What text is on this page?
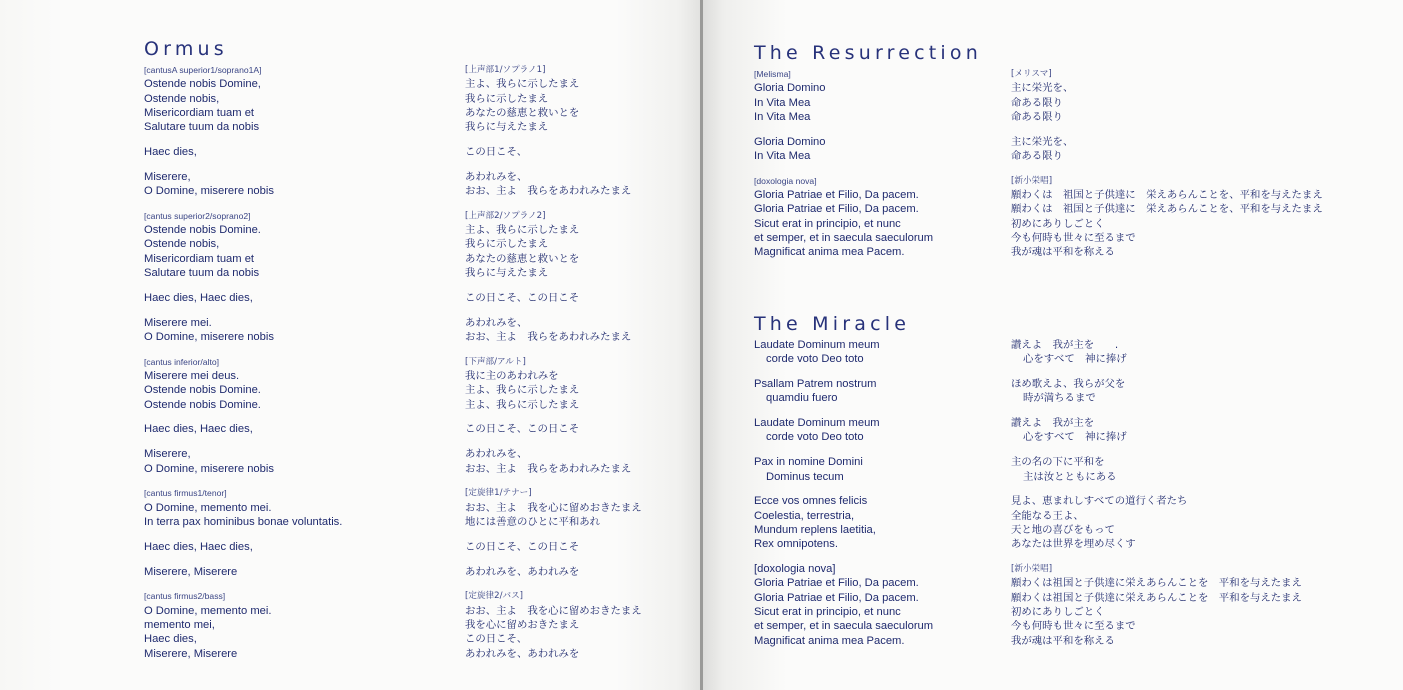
Ormus
[cantusA superior1/soprano1A]
Ostende nobis Domine,
Ostende nobis,
Misericordiam tuam et
Salutare tuum da nobis
Haec dies,
Miserere,
O Domine, miserere nobis
[cantus superior2/soprano2]
Ostende nobis Domine.
Ostende nobis,
Misericordiam tuam et
Salutare tuum da nobis
Haec dies, Haec dies,
Miserere mei.
O Domine, miserere nobis
[cantus inferior/alto]
Miserere mei deus.
Ostende nobis Domine.
Ostende nobis Domine.
Haec dies, Haec dies,
Miserere,
O Domine, miserere nobis
[cantus firmus1/tenor]
O Domine, memento mei.
In terra pax hominibus bonae voluntatis.
Haec dies, Haec dies,
Miserere, Miserere
[cantus firmus2/bass]
O Domine, memento mei.
memento mei,
Haec dies,
Miserere, Miserere
[上声部1/ソプラノ1]
主よ、我らに示したまえ
我らに示したまえ
あなたの慈恵と救いとを
我らに与えたまえ
この日こそ、
あわれみを、
おお、主よ　我らをあわれみたまえ
[上声部2/ソプラノ2]
主よ、我らに示したまえ
我らに示したまえ
あなたの慈恵と救いとを
我らに与えたまえ
この日こそ、この日こそ
あわれみを、
おお、主よ　我らをあわれみたまえ
[下声部/アルト]
我に主のあわれみを
主よ、我らに示したまえ
主よ、我らに示したまえ
この日こそ、この日こそ
あわれみを、
おお、主よ　我らをあわれみたまえ
[定旋律1/テナー]
おお、主よ　我を心に留めおきたまえ
地には善意のひとに平和あれ
この日こそ、この日こそ
あわれみを、あわれみを
[定旋律2/バス]
おお、主よ　我を心に留めおきたまえ
我を心に留めおきたまえ
この日こそ、
あわれみを、あわれみを
The Resurrection
[Melisma]
Gloria Domino
In Vita Mea
In Vita Mea
Gloria Domino
In Vita Mea
[doxologia nova]
Gloria Patriae et Filio, Da pacem.
Gloria Patriae et Filio, Da pacem.
Sicut erat in principio, et nunc
et semper, et in saecula saeculorum
Magnificat anima mea Pacem.
[メリスマ]
主に栄光を、
命ある限り
命ある限り
主に栄光を、
命ある限り
[新小栄唱]
願わくは　祖国と子供達に　栄えあらんことを、平和を与えたまえ
願わくは　祖国と子供達に　栄えあらんことを、平和を与えたまえ
初めにありしごとく
今も何時も世々に至るまで
我が魂は平和を称える
The Miracle
Laudate Dominum meum
corde voto Deo toto
Psallam Patrem nostrum
quamdiu fuero
Laudate Dominum meum
corde voto Deo toto
Pax in nomine Domini
Dominus tecum
Ecce vos omnes felicis
Coelestia, terrestria,
Mundum replens laetitia,
Rex omnipotens.
[doxologia nova]
Gloria Patriae et Filio, Da pacem.
Gloria Patriae et Filio, Da pacem.
Sicut erat in principio, et nunc
et semper, et in saecula saeculorum
Magnificat anima mea Pacem.
讃えよ　我が主を　　.
心をすべて　神に捧げ
ほめ歌えよ、我らが父を
時が満ちるまで
讃えよ　我が主を
心をすべて　神に捧げ
主の名の下に平和を
主は汝とともにある
見よ、恵まれしすべての道行く者たち
全能なる王よ、
天と地の喜びをもって
あなたは世界を埋め尽くす
[新小栄唱]
願わくは祖国と子供達に栄えあらんことを　平和を与えたまえ
願わくは祖国と子供達に栄えあらんことを　平和を与えたまえ
初めにありしごとく
今も何時も世々に至るまで
我が魂は平和を称える
